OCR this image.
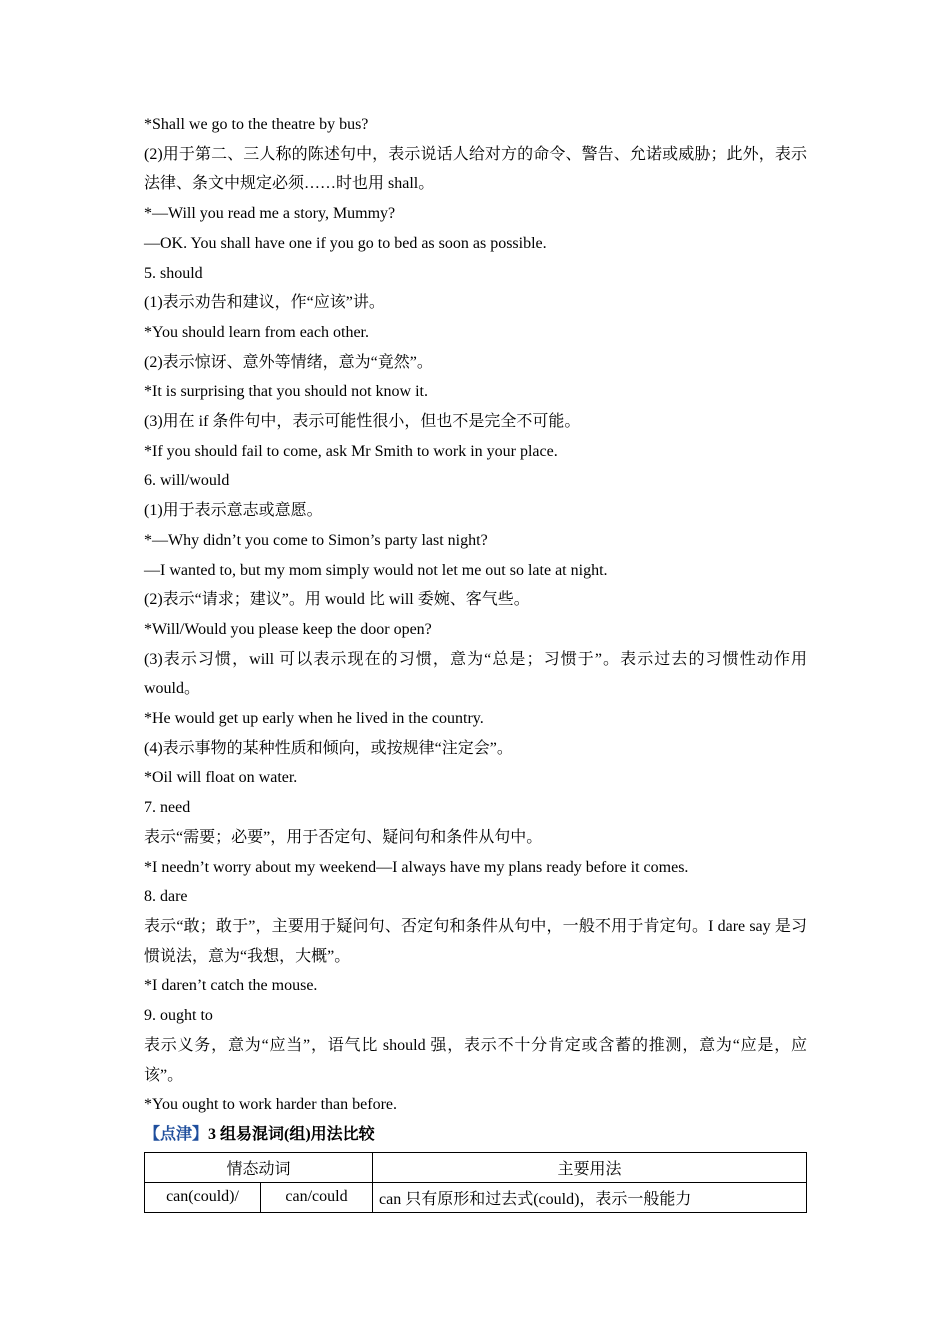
*Shall we go to the theatre by bus?
(2)用于第二、三人称的陈述句中，表示说话人给对方的命令、警告、允诺或威胁；此外，表示法律、条文中规定必须……时也用 shall。
*—Will you read me a story, Mummy?
—OK. You shall have one if you go to bed as soon as possible.
5. should
(1)表示劝告和建议，作“应该”讲。
*You should learn from each other.
(2)表示惊讶、意外等情绪，意为“竟然”。
*It is surprising that you should not know it.
(3)用在 if 条件句中，表示可能性很小，但也不是完全不可能。
*If you should fail to come, ask Mr Smith to work in your place.
6. will/would
(1)用于表示意志或意愿。
*—Why didn’t you come to Simon’s party last night?
—I wanted to, but my mom simply would not let me out so late at night.
(2)表示“请求；建议”。用 would 比 will 委婉、客气些。
*Will/Would you please keep the door open?
(3)表示习惯，will 可以表示现在的习惯，意为“总是；习惯于”。表示过去的习惯性动作用 would。
*He would get up early when he lived in the country.
(4)表示事物的某种性质和倾向，或按规律“注定会”。
*Oil will float on water.
7. need
表示“需要；必要”，用于否定句、疑问句和条件从句中。
*I needn’t worry about my weekend—I always have my plans ready before it comes.
8. dare
表示“敢；敢于”，主要用于疑问句、否定句和条件从句中，一般不用于肯定句。I dare say 是习惯说法，意为“我想，大概”。
*I daren’t catch the mouse.
9. ought to
表示义务，意为“应当”，语气比 should 强，表示不十分肯定或含蓄的推测，意为“应是，应该”。
*You ought to work harder than before.
【点津】3 组易混词(组)用法比较
情态动词		主要用法
can(could)/	can/could	can 只有原形和过去式(could)，表示一般能力
